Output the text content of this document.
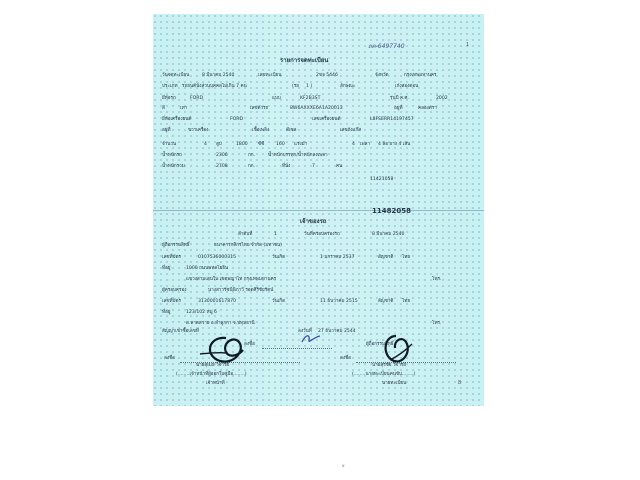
1
ถค-6497740
8
ะ
รายการจดทะเบียน
วันจดทะเบียน	8 มีนาคม 2540	เลขทะเบียน	2ขจ 5446	จังหวัด	กรุงเทพมหานคร
ประเภท รถยนต์นั่งส่วนบุคคลไม่เกิน 7 คน	(รย 1 )	ลักษณะ	เก๋งสองตอน
ยี่ห้อรถ	FORD	แบบ	KF2B3ST	รุ่นปี ค.ศ.	2002
สี	เทา	เลขตัวรถ	8W6AXXXE6A1A20013	อยู่ที่	คลองตรา
ยี่ห้อเครื่องยนต์	FORD	เลขเครื่องยนต์	L8FSERR14197457
อยู่ที่	ขวาเครื่อง	เชื้อเพลิง	ดีเซล	เลขถังแก๊ส
จำนวน	4 สูบ	1800 ซีซี	160 แรงม้า	4 เพลา 4 ล้อ ยาง 4 เส้น
น้ำหนักรถ	2306	กก.	น้ำหนักบรรทุก/น้ำหนักลงเพลา
น้ำหนักรวม	2708	กก.	ที่นั่ง	7	คน
11421058
11482058
เจ้าของรถ
ลำดับที่	1	วันที่ครอบครองรถ	8 มีนาคม 2540
ผู้ถือกรรมสิทธิ์	ธนาคารกสิกรไทย จำกัด (มหาชน)
เลขที่บัตร	0107536000315	วันเกิด	1 มกราคม 2537	สัญชาติ ไทย
ที่อยู่	1000 ถนนพหลโยธิน
แขวงสามเสนใน เขตพญาไท กรุงเทพมหานคร	โทร.
ผู้ครอบครอง	นางสาวรัชนีพิภาวี รอดศิริชัยรัตน์
เลขที่บัตร	3130001617870	วันเกิด	11 ธันวาคม 2515	สัญชาติ ไทย
ที่อยู่	123/102 หมู่ 6
ต.ลาดสวาย อ.ลำลูกกา จ.ปทุมธานี	โทร.
สัญญาเช่าซื้อเลขที่	ลงวันที่ 27 ธันวาคม 2544
ลงชื่อ	ผู้ถือกรรมสิทธิ์
ลงชื่อ	ลงชื่อ
นายสุเมธ วิจารย์
(........เจ้าหน้าที่ผู้ออกใบคู่มือ........)
เจ้าหน้าที่
นายสุรชัย วิจารย์
(........นายทะเบียนคนขับ........)
นายทะเบียน
